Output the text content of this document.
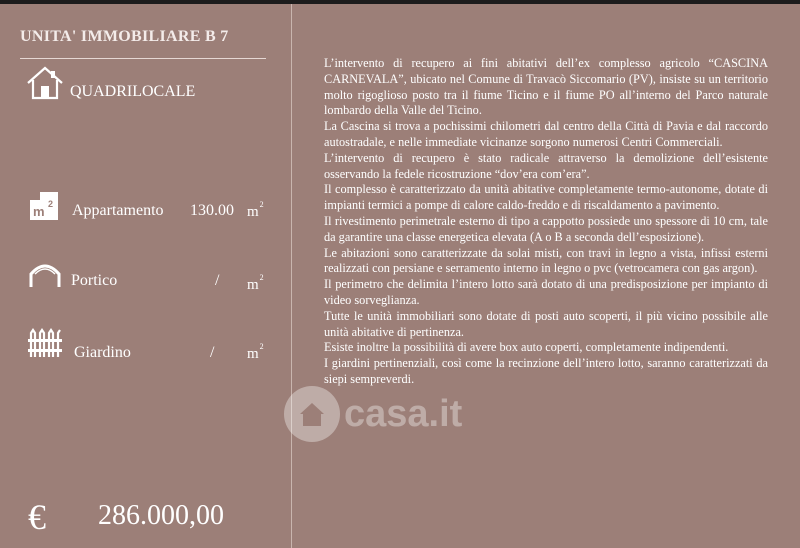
UNITA' IMMOBILIARE B 7
QUADRILOCALE
m 2 Appartamento 130.00 $m^2$
Portico	/ $m^2$
Giardino	/ $m^2$
€ 286.000,00

L’intervento di recupero ai fini abitativi dell’ex complesso agricolo “CASCINA CARNEVALA”, ubicato nel Comune di Travacò Siccomario (PV), insiste su un territorio molto rigoglioso posto tra il fiume Ticino e il fiume PO all’interno del Parco naturale lombardo della Valle del Ticino.

La Cascina si trova a pochissimi chilometri dal centro della Città di Pavia e dal raccordo autostradale, e nelle immediate vicinanze sorgono numerosi Centri Commerciali.

L’intervento di recupero è stato radicale attraverso la demolizione dell’esistente osservando la fedele ricostruzione “dov’era com’era”.

Il complesso è caratterizzato da unità abitative completamente termo-autonome, dotate di impianti termici a pompe di calore caldo-freddo e di riscaldamento a pavimento.

Il rivestimento perimetrale esterno di tipo a cappotto possiede uno spessore di 10 cm, tale da garantire una classe energetica elevata (A o B a seconda dell’esposizione).

Le abitazioni sono caratterizzate da solai misti, con travi in legno a vista, infissi esterni realizzati con persiane e serramento interno in legno o pvc (vetrocamera con gas argon).

Il perimetro che delimita l’intero lotto sarà dotato di una predisposizione per impianto di video sorveglianza.

Tutte le unità immobiliari sono dotate di posti auto scoperti, il più vicino possibile alle unità abitative di pertinenza.

Esiste inoltre la possibilità di avere box auto coperti, completamente indipendenti.

I giardini pertinenziali, così come la recinzione dell’intero lotto, saranno caratterizzati da siepi sempreverdi.

casa.it
